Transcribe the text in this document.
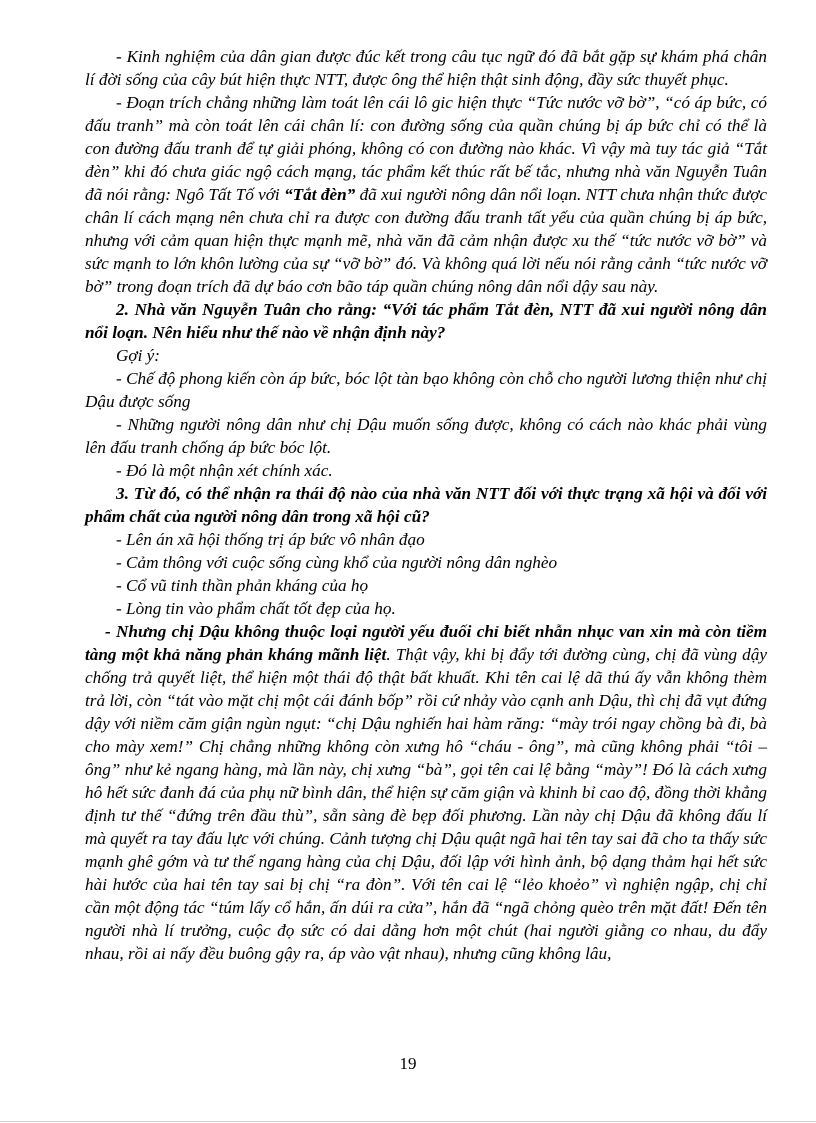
- Kinh nghiệm của dân gian được đúc kết trong câu tục ngữ đó đã bắt gặp sự khám phá chân lí đời sống của cây bút hiện thực NTT, được ông thể hiện thật sinh động, đầy sức thuyết phục.

- Đoạn trích chẳng những làm toát lên cái lô gic hiện thực “Tức nước vỡ bờ”, “có áp bức, có đấu tranh” mà còn toát lên cái chân lí: con đường sống của quần chúng bị áp bức chỉ có thể là con đường đấu tranh để tự giải phóng, không có con đường nào khác. Vì vậy mà tuy tác giả “Tắt đèn” khi đó chưa giác ngộ cách mạng, tác phẩm kết thúc rất bế tắc, nhưng nhà văn Nguyễn Tuân đã nói rằng: Ngô Tất Tố với “Tắt đèn” đã xui người nông dân nổi loạn. NTT chưa nhận thức được chân lí cách mạng nên chưa chỉ ra được con đường đấu tranh tất yếu của quần chúng bị áp bức, nhưng với cảm quan hiện thực mạnh mẽ, nhà văn đã cảm nhận được xu thế “tức nước vỡ bờ” và sức mạnh to lớn khôn lường của sự “vỡ bờ” đó. Và không quá lời nếu nói rằng cảnh “tức nước vỡ bờ” trong đoạn trích đã dự báo cơn bão táp quần chúng nông dân nổi dậy sau này.

2. Nhà văn Nguyễn Tuân cho rằng: “Với tác phẩm Tắt đèn, NTT đã xui người nông dân nổi loạn. Nên hiểu như thế nào về nhận định này?

Gợi ý:

- Chế độ phong kiến còn áp bức, bóc lột tàn bạo không còn chỗ cho người lương thiện như chị Dậu được sống

- Những người nông dân như chị Dậu muốn sống được, không có cách nào khác phải vùng lên đấu tranh chống áp bức bóc lột.

- Đó là một nhận xét chính xác.

3. Từ đó, có thể nhận ra thái độ nào của nhà văn NTT đối với thực trạng xã hội và đối với phẩm chất của người nông dân trong xã hội cũ?

- Lên án xã hội thống trị áp bức vô nhân đạo

- Cảm thông với cuộc sống cùng khổ của người nông dân nghèo

- Cổ vũ tinh thần phản kháng của họ

- Lòng tin vào phẩm chất tốt đẹp của họ.

- Nhưng chị Dậu không thuộc loại người yếu đuối chỉ biết nhẫn nhục van xin mà còn tiềm tàng một khả năng phản kháng mãnh liệt. Thật vậy, khi bị đẩy tới đường cùng, chị đã vùng dậy chống trả quyết liệt, thể hiện một thái độ thật bất khuất. Khi tên cai lệ dã thú ấy vẫn không thèm trả lời, còn “tát vào mặt chị một cái đánh bốp” rồi cứ nhảy vào cạnh anh Dậu, thì chị đã vụt đứng dậy với niềm căm giận ngùn ngụt: “chị Dậu nghiến hai hàm răng: “mày trói ngay chồng bà đi, bà cho mày xem!” Chị chẳng những không còn xưng hô “cháu - ông”, mà cũng không phải “tôi – ông” như kẻ ngang hàng, mà lần này, chị xưng “bà”, gọi tên cai lệ bằng “mày”! Đó là cách xưng hô hết sức đanh đá của phụ nữ bình dân, thể hiện sự căm giận và khinh bỉ cao độ, đồng thời khẳng định tư thế “đứng trên đầu thù”, sẵn sàng đè bẹp đối phương. Lần này chị Dậu đã không đấu lí mà quyết ra tay đấu lực với chúng. Cảnh tượng chị Dậu quật ngã hai tên tay sai đã cho ta thấy sức mạnh ghê gớm và tư thế ngang hàng của chị Dậu, đối lập với hình ảnh, bộ dạng thảm hại hết sức hài hước của hai tên tay sai bị chị “ra đòn”. Với tên cai lệ “lẻo khoẻo” vì nghiện ngập, chị chỉ cần một động tác “túm lấy cổ hắn, ấn dúi ra cửa”, hắn đã “ngã chỏng quèo trên mặt đất! Đến tên người nhà lí trưởng, cuộc đọ sức có dai dẳng hơn một chút (hai người giằng co nhau, du đẩy nhau, rồi ai nấy đều buông gậy ra, áp vào vật nhau), nhưng cũng không lâu,

19
